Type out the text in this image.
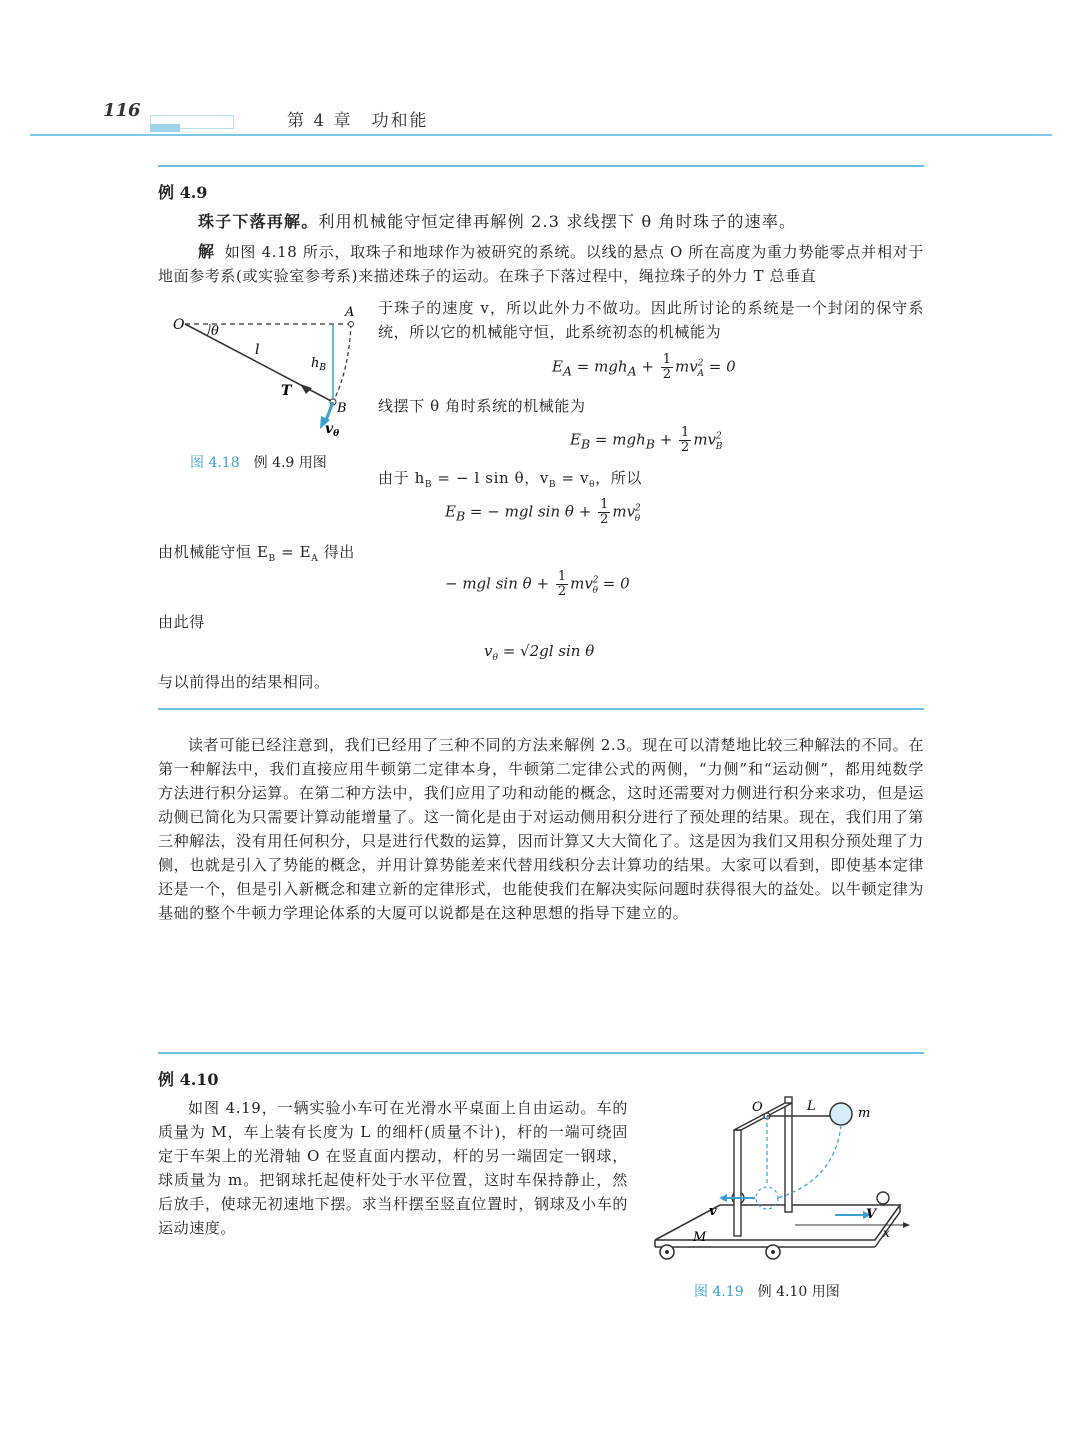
116	第 4 章　功和能
例 4.9

珠子下落再解。利用机械能守恒定律再解例 2.3 求线摆下 θ 角时珠子的速率。

解 如图 4.18 所示，取珠子和地球作为被研究的系统。以线的悬点 O 所在高度为重力势能零点并相对于地面参考系(或实验室参考系)来描述珠子的运动。在珠子下落过程中，绳拉珠子的外力 T 总垂直

于珠子的速度 v，所以此外力不做功。因此所讨论的系统是一个封闭的保守系统，所以它的机械能守恒，此系统初态的机械能为

O θ
A
l
$h_B$
T
B
$v_\theta$
图 4.18 例 4.9 用图
$E_A = mgh_A + \frac{1}{2} mv^2_A = 0$

线摆下 θ 角时系统的机械能为

$E_B = mgh_B + \frac{1}{2} mv^2_B$

由于 $h_B$ = − l sin θ，$v_B = v_\theta$，所以

$E_B$ = − mgl $\sin \theta + \frac{1}{2} mv^2_\theta$

由机械能守恒 $E_B = E_A$ 得出

− mgl $\sin \theta + \frac{1}{2} mv^2_\theta = 0$

由此得

$v_\theta = √2gl$ sin θ

与以前得出的结果相同。

读者可能已经注意到，我们已经用了三种不同的方法来解例 2.3。现在可以清楚地比较三种解法的不同。在第一种解法中，我们直接应用牛顿第二定律本身，牛顿第二定律公式的两侧，“力侧”和“运动侧”，都用纯数学方法进行积分运算。在第二种方法中，我们应用了功和动能的概念，这时还需要对力侧进行积分来求功，但是运动侧已简化为只需要计算动能增量了。这一简化是由于对运动侧用积分进行了预处理的结果。现在，我们用了第三种解法，没有用任何积分，只是进行代数的运算，因而计算又大大简化了。这是因为我们又用积分预处理了力侧，也就是引入了势能的概念，并用计算势能差来代替用线积分去计算功的结果。大家可以看到，即使基本定律还是一个，但是引入新概念和建立新的定律形式，也能使我们在解决实际问题时获得很大的益处。以牛顿定律为基础的整个牛顿力学理论体系的大厦可以说都是在这种思想的指导下建立的。

例 4.10

如图 4.19，一辆实验小车可在光滑水平桌面上自由运动。车的质量为 M，车上装有长度为 L 的细杆(质量不计)，杆的一端可绕固定于车架上的光滑轴 O 在竖直面内摆动，杆的另一端固定一钢球，球质量为 m。把钢球托起使杆处于水平位置，这时车保持静止，然后放手，使球无初速地下摆。求当杆摆至竖直位置时，钢球及小车的运动速度。

O	L	m
v	V
M	x
图 4.19 例 4.10 用图
